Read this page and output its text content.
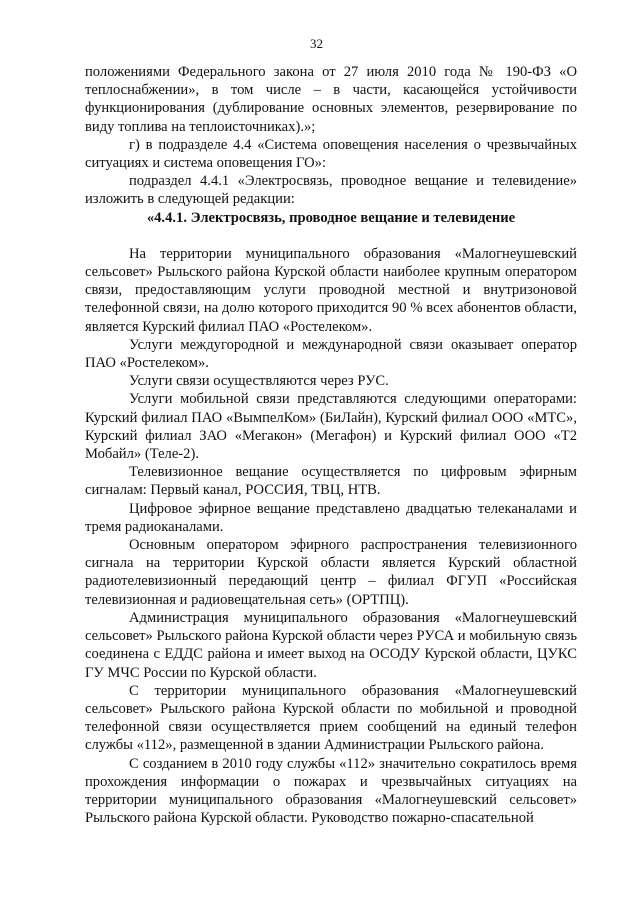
32

положениями Федерального закона от 27 июля 2010 года № 190-ФЗ «О теплоснабжении», в том числе – в части, касающейся устойчивости функционирования (дублирование основных элементов, резервирование по виду топлива на теплоисточниках).»;

г) в подразделе 4.4 «Система оповещения населения о чрезвычайных ситуациях и система оповещения ГО»:

подраздел 4.4.1 «Электросвязь, проводное вещание и телевидение» изложить в следующей редакции:

«4.4.1. Электросвязь, проводное вещание и телевидение

На территории муниципального образования «Малогнеушевский сельсовет» Рыльского района Курской области наиболее крупным оператором связи, предоставляющим услуги проводной местной и внутризоновой телефонной связи, на долю которого приходится 90 % всех абонентов области, является Курский филиал ПАО «Ростелеком».

Услуги междугородной и международной связи оказывает оператор ПАО «Ростелеком».

Услуги связи осуществляются через РУС.

Услуги мобильной связи представляются следующими операторами: Курский филиал ПАО «ВымпелКом» (БиЛайн), Курский филиал ООО «МТС», Курский филиал ЗАО «Мегакон» (Мегафон) и Курский филиал ООО «Т2 Мобайл» (Теле-2).

Телевизионное вещание осуществляется по цифровым эфирным сигналам: Первый канал, РОССИЯ, ТВЦ, НТВ.

Цифровое эфирное вещание представлено двадцатью телеканалами и тремя радиоканалами.

Основным оператором эфирного распространения телевизионного сигнала на территории Курской области является Курский областной радиотелевизионный передающий центр – филиал ФГУП «Российская телевизионная и радиовещательная сеть» (ОРТПЦ).

Администрация муниципального образования «Малогнеушевский сельсовет» Рыльского района Курской области через РУСА и мобильную связь соединена с ЕДДС района и имеет выход на ОСОДУ Курской области, ЦУКС ГУ МЧС России по Курской области.

С территории муниципального образования «Малогнеушевский сельсовет» Рыльского района Курской области по мобильной и проводной телефонной связи осуществляется прием сообщений на единый телефон службы «112», размещенной в здании Администрации Рыльского района.

С созданием в 2010 году службы «112» значительно сократилось время прохождения информации о пожарах и чрезвычайных ситуациях на территории муниципального образования «Малогнеушевский сельсовет» Рыльского района Курской области. Руководство пожарно-спасательной
